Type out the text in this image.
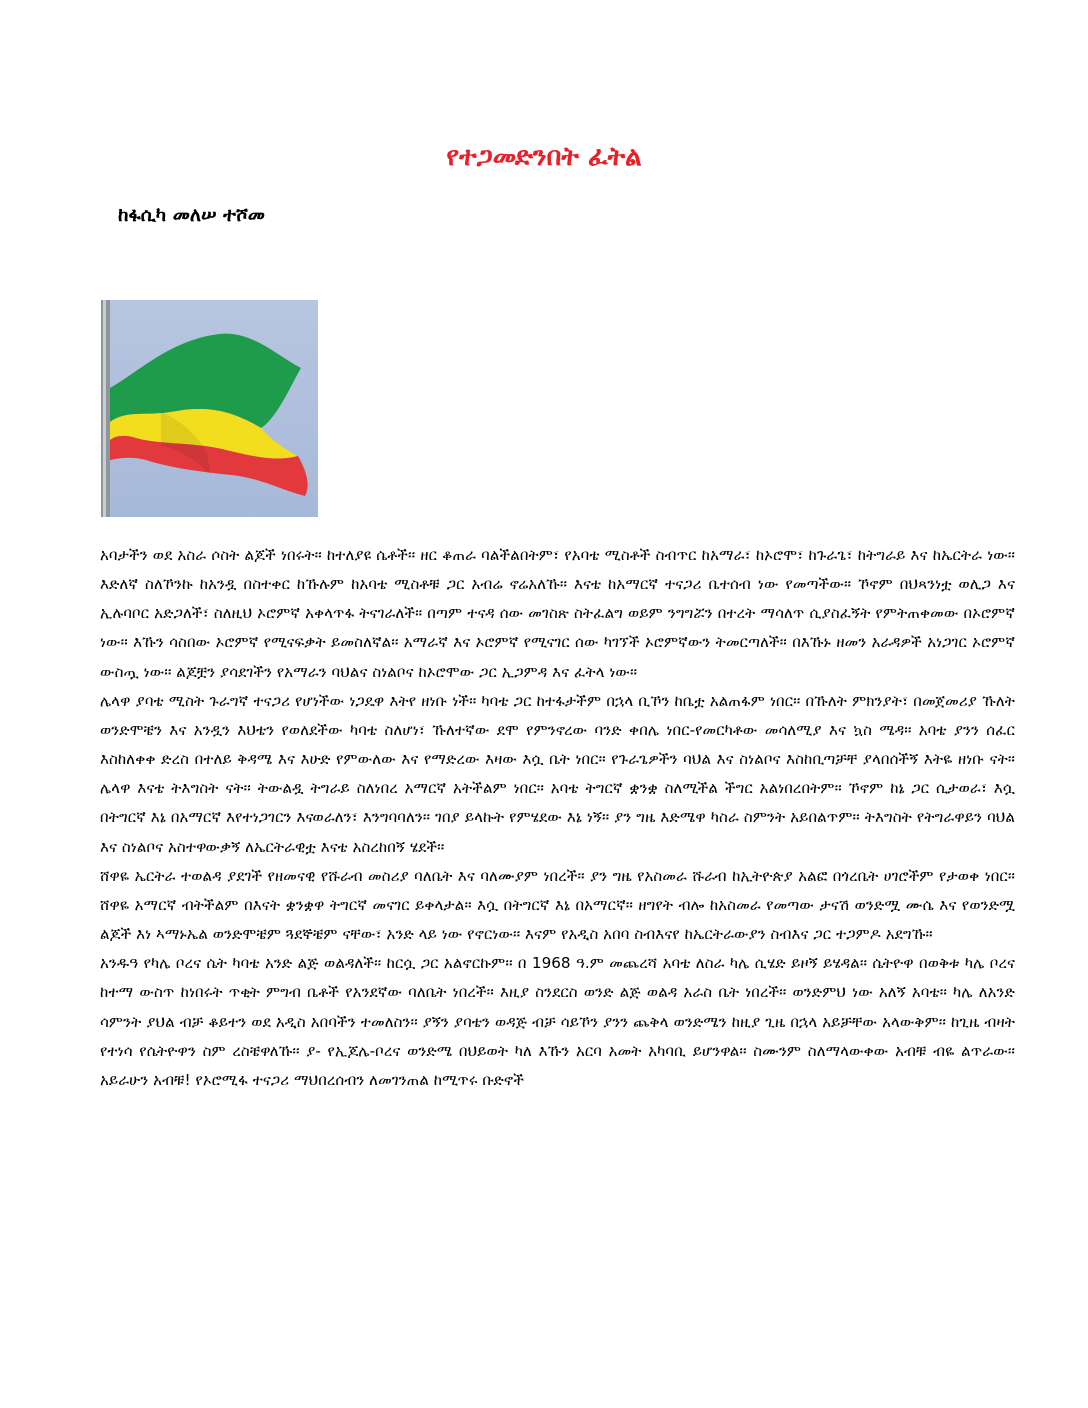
የተጋመድንበት ፈትል
ከፋሲካ መለሠ ተሾመ

አባታችን ወደ አስራ ሶስት ልጆች ነበሩት፡፡ ከተለያዩ ሴቶች፡፡ ዘር ቆጠራ ባልችልበትም፣ የአባቴ ሚስቶች ስብጥር ከአማራ፣ ከኦሮሞ፣ ከጉራጌ፣ ከትግራይ እና ከኤርትራ ነው፡፡ እድለኛ ስለኾንኩ ከአንዷ በስተቀር ከኹሉም ከአባቴ ሚስቶቹ ጋር አብሬ ኖሬአለኹ፡፡ እናቴ ከአማርኛ ተናጋሪ ቤተሰብ ነው የመጣችው፡፡ ኾኖም በህጻንነቷ ወሊጋ እና ኢሉባቦር አድጋለች፣ ስለዚህ ኦሮምኛ አቀላጥፋ ትናገራለች፡፡ በጣም ተናዳ ሰው መገስጽ ስትፈልግ ወይም ንግግሯን በተረት ማሳለጥ ሲያስፈኝት የምትጠቀመው በኦሮምኛ ነው፡፡ እኹን ሳስበው ኦሮምኛ የሚናፍቃት ይመስለኛል፡፡ አማራኛ እና ኦሮምኛ የሚናገር ሰው ካገኘች ኦሮምኛውን ትመርጣለች፡፡ በእኹኑ ዘመን አራዳዎች አነጋገር ኦሮምኛ ውስጧ ነው፡፡ ልጆቿን ያሳደገችን የአማራን ባህልና ስነልቦና ከኦሮሞው ጋር ኢጋምዳ እና ፈትላ ነው፡፡

ሌላዋ ያባቴ ሚስት ጉራግኛ ተናጋሪ የሆነችው ነጋዴዋ እትየ ዘነቡ ነች፡፡ ካባቴ ጋር ከተፋታችም በኋላ ቢኾን ከቤቷ አልጠፋም ነበር፡፡ በኹለት ምክንያት፣ በመጀመሪያ ኹለት ወንድሞቼን እና አንዷን እህቴን የወለደችው ካባቴ ስለሆነ፣ ኹለተኛው ደሞ የምንኖረው ባንድ ቀበሌ ነበር-የመርካቶው መሳለሚያ እና ኳስ ሜዳ፡፡ አባቴ ያንን ሰፈር እስከለቀቀ ድረስ በተለይ ቅዳሜ እና እሁድ የምውለው እና የማድረው እዛው እሷ ቤት ነበር፡፡ የጉራጌዎችን ባህል እና ስነልቦና እስከቢጣቻቸ ያላበሰችኝ እትዬ ዘነቡ ናት፡፡ ሌላዋ እናቴ ትእግስት ናት፡፡ ትውልዷ ትግራይ ስለነበረ አማርኛ አትችልም ነበር፡፡ አባቴ ትግርኛ ቋንቋ ስለሚችል ችግር አልነበረበትም፡፡ ኾኖም ከኔ ጋር ሲታወራ፣ እሷ በትግርኛ እኔ በአማርኛ እየተነጋገርን እናወራለን፣ እንግባባለን፡፡ ገበያ ይላኩት የምሄደው እኔ ነኝ፡፡ ያን ግዜ እድሜዋ ካስራ ስምንት አይበልጥም፡፡ ትእግስት የትግራዋይን ባህል እና ስነልቦና አስተዋውቃኝ ለኤርትራዊቷ እናቴ አስረከበኝ ሄደች፡፡

ሸዋዬ ኤርትራ ተወልዳ ያደገች የዘመናዊ የሹራብ መስሪያ ባለቤት እና ባለሙያም ነበረች፡፡ ያን ግዜ የአስመራ ሹራብ ከኢትዮጵያ አልፎ በጎረቤት ሀገሮችም የታወቀ ነበር፡፡ ሸዋዬ አማርኛ ብትችልም በእናት ቋንቋዋ ትግርኛ መናገር ይቀላታል፡፡ እሷ በትግርኛ እኔ በአማርኛ፡፡ ዘግየት ብሎ ከአስመራ የመጣው ታናሽ ወንድሟ ሙሴ እና የወንድሟ ልጆች እነ ኣማኑኤል ወንድሞቼም ጓደኞቼም ናቸው፣ አንድ ላይ ነው የኖርነው፡፡ እናም የአዲስ አበባ ስብእናየ ከኤርትራውያን ስብእና ጋር ተጋምዶ አደግኹ፡፡

አንዱዓ የካሌ ቦረና ሴት ካባቴ አንድ ልጅ ወልዳለች፡፡ ከርሷ ጋር አልኖርኩም፡፡ በ 1968 ዓ.ም መጨረሻ አባቴ ለስራ ካሌ ሲሄድ ይዞኝ ይሄዳል፡፡ ሴትዮዋ በወቅቱ ካሌ ቦረና ከተማ ውስጥ ከነበሩት ጥቂት ምግብ ቤቶች የአንደኛው ባለቤት ነበረች፡፡ እዚያ ስንደርስ ወንድ ልጅ ወልዳ አራስ ቤት ነበረች፡፡ ወንድምህ ነው አለኝ አባቴ፡፡ ካሌ ለአንድ ሳምንት ያህል ብቻ ቆይተን ወደ አዲስ አበባችን ተመለስን፡፡ ያኝን ያባቴን ወዳጅ ብቻ ሳይኾን ያንን ጨቅላ ወንድሜን ከዚያ ጊዜ በኋላ አይቻቸው አላውቅም፡፡ ከጊዜ ብዛት የተነሳ የሴትዮዋን ስም ረስቼዋለኹ፡፡ ያ- የኢጆሌ-ቦረና ወንድሜ በህይወት ካለ እኹን አርባ አመት አካባቢ ይሆንዋል፡፡ ስሙንም ስለማላውቀው አብቹ ብዬ ልጥራው፡፡ አይራሁን አብቹ! የኦሮሚፋ ተናጋሪ ማህበረሰብን ለመገንጠል ከሚጥሩ ቡድኖች
